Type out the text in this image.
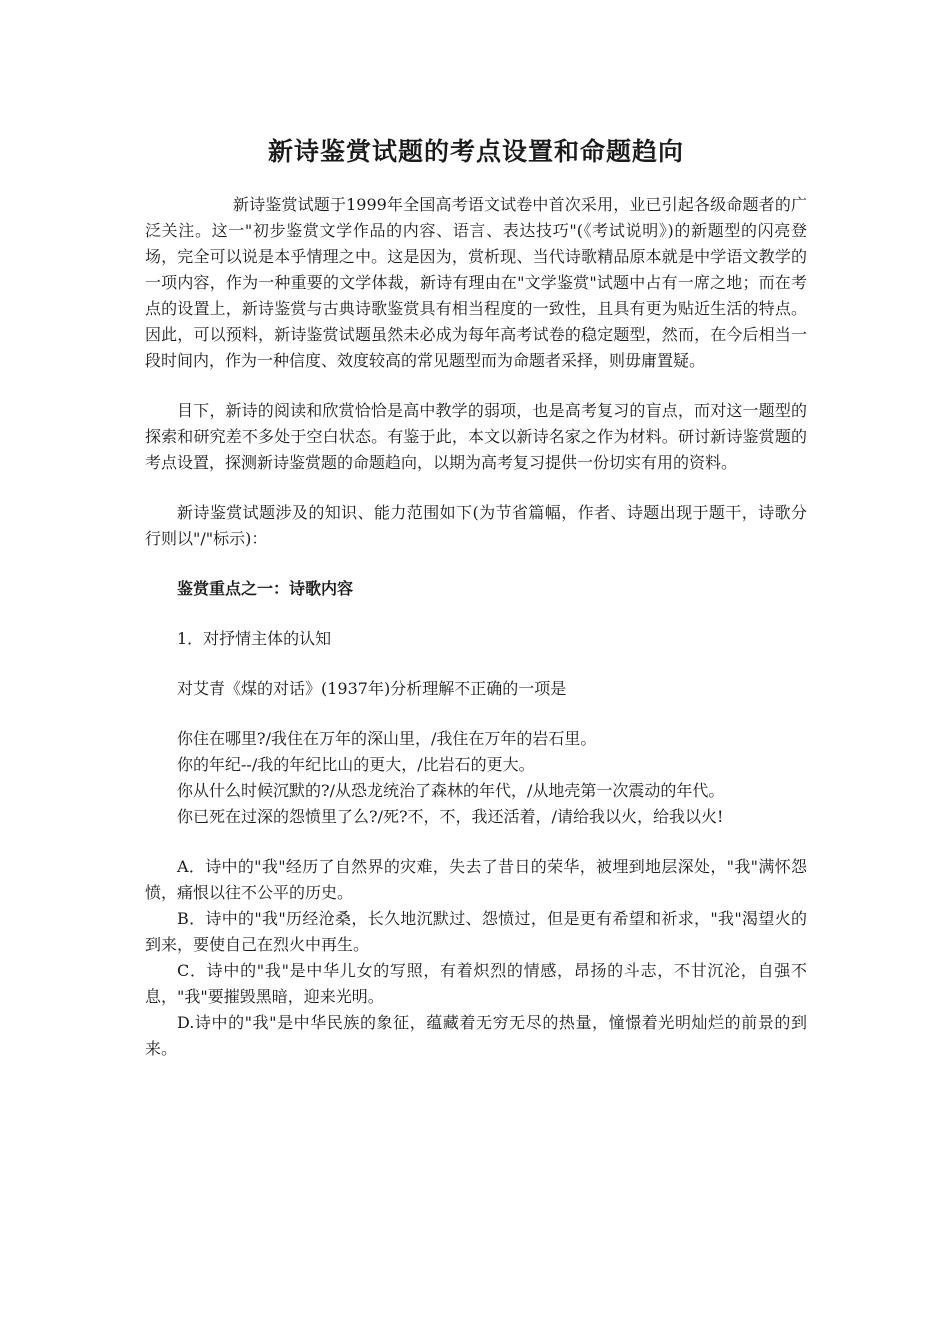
新诗鉴赏试题的考点设置和命题趋向

新诗鉴赏试题于1999年全国高考语文试卷中首次采用，业已引起各级命题者的广泛关注。这一"初步鉴赏文学作品的内容、语言、表达技巧"(《考试说明》)的新题型的闪亮登场，完全可以说是本乎情理之中。这是因为，赏析现、当代诗歌精品原本就是中学语文教学的一项内容，作为一种重要的文学体裁，新诗有理由在"文学鉴赏"试题中占有一席之地；而在考点的设置上，新诗鉴赏与古典诗歌鉴赏具有相当程度的一致性，且具有更为贴近生活的特点。因此，可以预料，新诗鉴赏试题虽然未必成为每年高考试卷的稳定题型，然而，在今后相当一段时间内，作为一种信度、效度较高的常见题型而为命题者采择，则毋庸置疑。

目下，新诗的阅读和欣赏恰恰是高中教学的弱项，也是高考复习的盲点，而对这一题型的探索和研究差不多处于空白状态。有鉴于此，本文以新诗名家之作为材料。研讨新诗鉴赏题的考点设置，探测新诗鉴赏题的命题趋向，以期为高考复习提供一份切实有用的资料。

新诗鉴赏试题涉及的知识、能力范围如下(为节省篇幅，作者、诗题出现于题干，诗歌分行则以"/"标示)：

鉴赏重点之一：诗歌内容

1．对抒情主体的认知

对艾青《煤的对话》(1937年)分析理解不正确的一项是

你住在哪里?/我住在万年的深山里，/我住在万年的岩石里。

你的年纪--/我的年纪比山的更大，/比岩石的更大。

你从什么时候沉默的?/从恐龙统治了森林的年代，/从地壳第一次震动的年代。

你已死在过深的怨愤里了么?/死?不，不，我还活着，/请给我以火，给我以火!

A．诗中的"我"经历了自然界的灾难，失去了昔日的荣华，被埋到地层深处，"我"满怀怨愤，痛恨以往不公平的历史。

B．诗中的"我"历经沧桑，长久地沉默过、怨愤过，但是更有希望和祈求，"我"渴望火的到来，要使自己在烈火中再生。

C．诗中的"我"是中华儿女的写照，有着炽烈的情感，昂扬的斗志，不甘沉沦，自强不息，"我"要摧毁黑暗，迎来光明。

D.诗中的"我"是中华民族的象征，蕴藏着无穷无尽的热量，憧憬着光明灿烂的前景的到来。
